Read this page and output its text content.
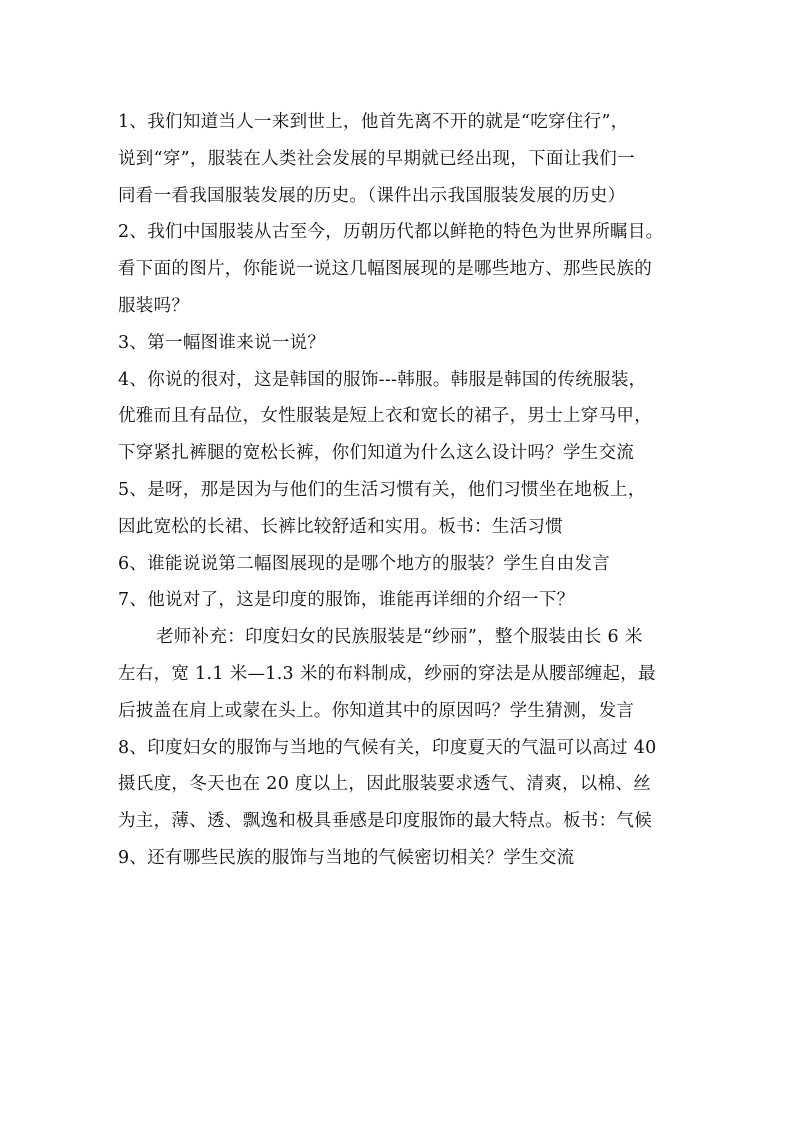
1、我们知道当人一来到世上，他首先离不开的就是“吃穿住行”，
说到“穿”，服装在人类社会发展的早期就已经出现，下面让我们一
同看一看我国服装发展的历史。（课件出示我国服装发展的历史）
2、我们中国服装从古至今，历朝历代都以鲜艳的特色为世界所瞩目。
看下面的图片，你能说一说这几幅图展现的是哪些地方、那些民族的
服装吗？
3、第一幅图谁来说一说？
4、你说的很对，这是韩国的服饰---韩服。韩服是韩国的传统服装，
优雅而且有品位，女性服装是短上衣和宽长的裙子，男士上穿马甲，
下穿紧扎裤腿的宽松长裤，你们知道为什么这么设计吗？学生交流
5、是呀，那是因为与他们的生活习惯有关，他们习惯坐在地板上，
因此宽松的长裙、长裤比较舒适和实用。板书：生活习惯
6、谁能说说第二幅图展现的是哪个地方的服装？学生自由发言
7、他说对了，这是印度的服饰，谁能再详细的介绍一下？
老师补充：印度妇女的民族服装是“纱丽”，整个服装由长 6 米
左右，宽 1.1 米—1.3 米的布料制成，纱丽的穿法是从腰部缠起，最
后披盖在肩上或蒙在头上。你知道其中的原因吗？学生猜测，发言
8、印度妇女的服饰与当地的气候有关，印度夏天的气温可以高过 40
摄氏度，冬天也在 20 度以上，因此服装要求透气、清爽，以棉、丝
为主，薄、透、飘逸和极具垂感是印度服饰的最大特点。板书：气候
9、还有哪些民族的服饰与当地的气候密切相关？学生交流
